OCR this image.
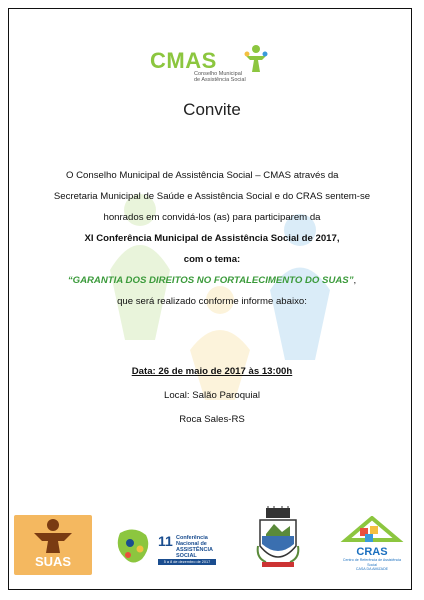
CMAS
Conselho Municipal
de Assistência Social
Convite
O Conselho Municipal de Assistência Social – CMAS através da
Secretaria Municipal de Saúde e Assistência Social e do CRAS sentem-se
honrados em convidá-los (as) para participarem da
XI Conferência Municipal de Assistência Social de 2017,
com o tema:
“GARANTIA DOS DIREITOS NO FORTALECIMENTO DO SUAS”,
que será realizado conforme informe abaixo:
Data: 26 de maio de 2017 às 13:00h
Local: Salão Paroquial
Roca Sales-RS
SUAS
11 Conferência
Nacional de
ASSISTÊNCIA SOCIAL
5 a 8 de dezembro de 2017
CRAS
Centro de Referência de Assistência Social
CASA DA AMIZADE
